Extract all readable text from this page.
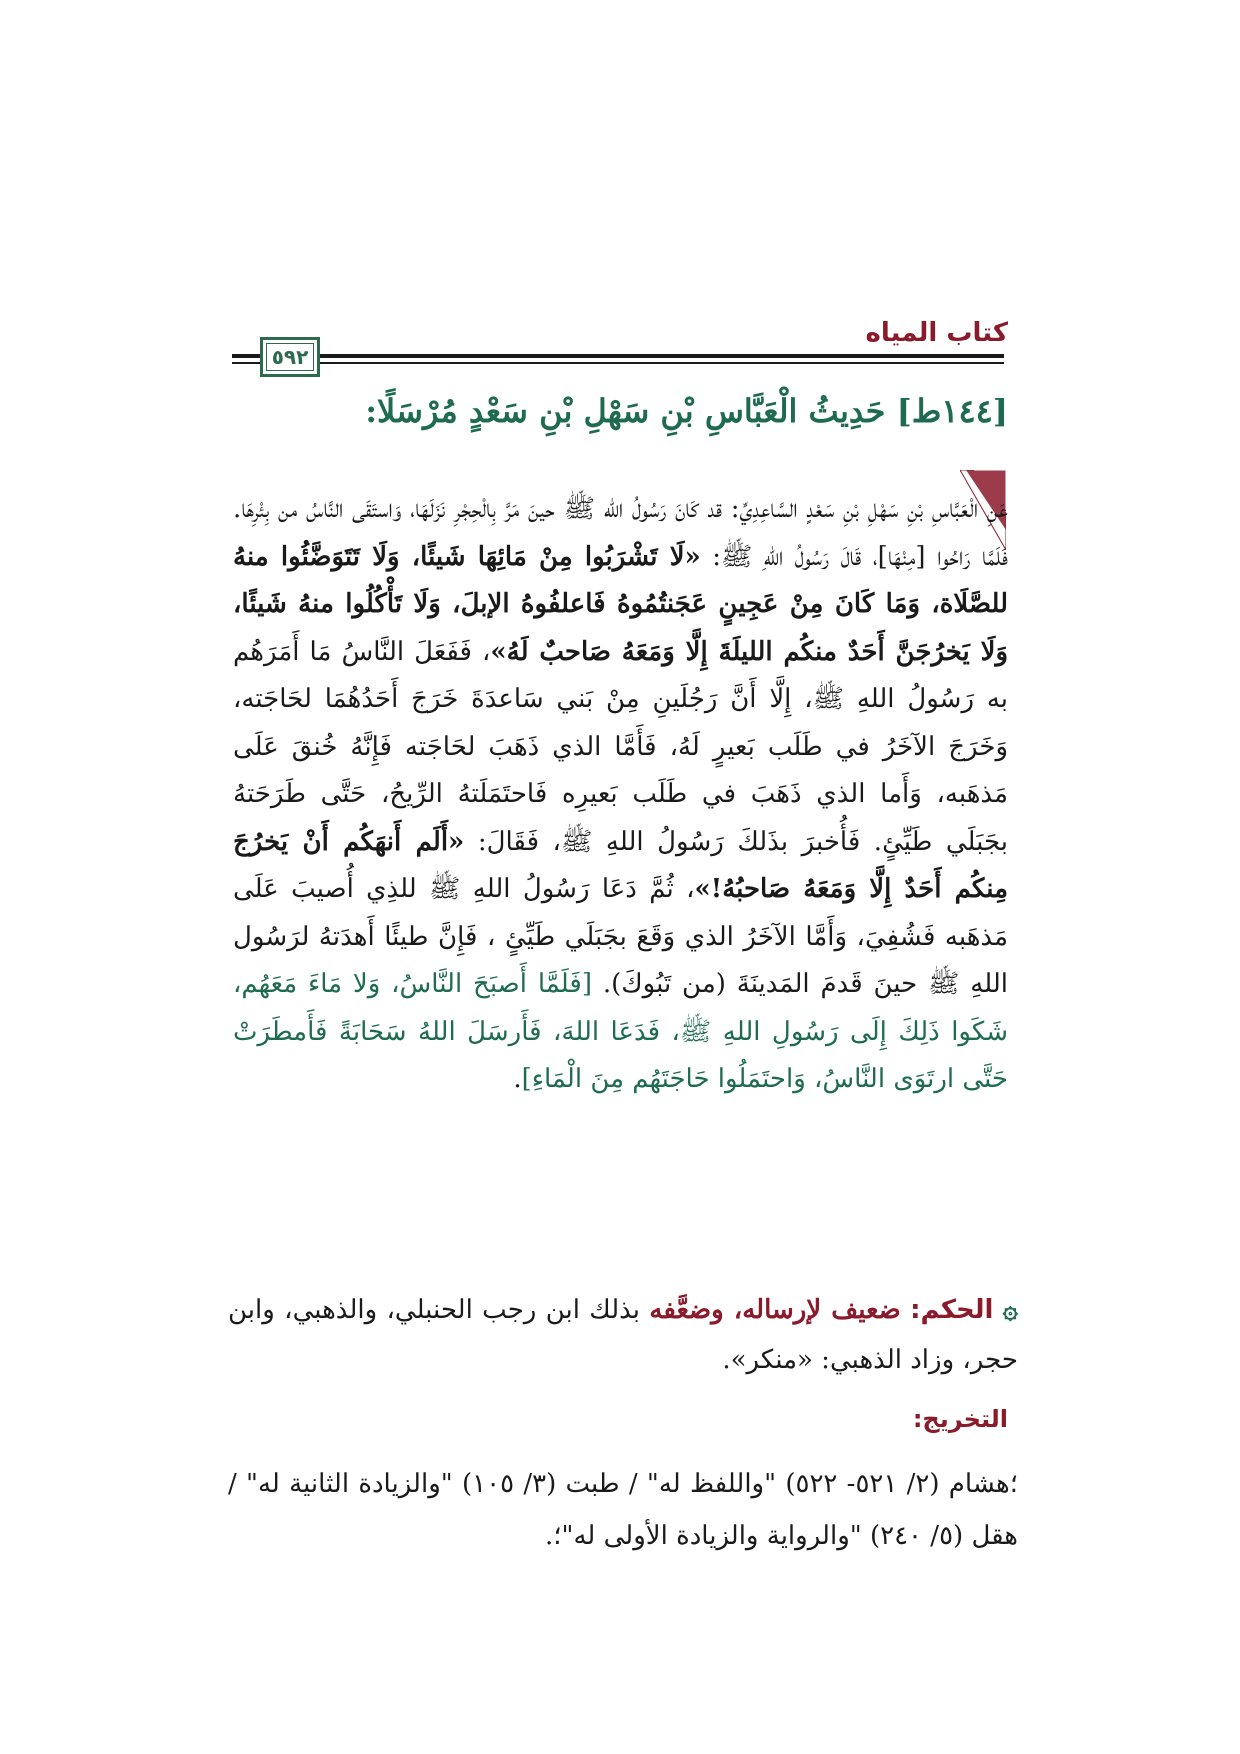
كتاب المياه
٥٩٢
[١٤٤ط] حَدِيثُ الْعَبَّاسِ بْنِ سَهْلِ بْنِ سَعْدٍ مُرْسَلًا:
عَنِ الْعَبَّاسِ بْنِ سَهْلِ بْنِ سَعْدٍ السَّاعِدِيِّ: قد كَانَ رَسُولُ الله ﷺ حينَ مَرَّ بِالْحِجْرِ نَزَلَهَا، وَاستَقَى النَّاسُ من بِئْرِهَا. فَلَمَّا رَاحُوا [مِنْهَا]، قَالَ رَسُولُ اللهِ ﷺ: «لَا تَشْرَبُوا مِنْ مَائِهَا شَيئًا، وَلَا تَتَوَضَّئُوا منهُ للصَّلَاة، وَمَا كَانَ مِنْ عَجِينٍ عَجَنتُمُوهُ فَاعلفُوهُ الإبلَ، وَلَا تَأْكُلُوا منهُ شَيئًا، وَلَا يَخرُجَنَّ أَحَدٌ منكُم الليلَةَ إِلَّا وَمَعَهُ صَاحبٌ لَهُ»، فَفَعَلَ النَّاسُ مَا أَمَرَهُم به رَسُولُ اللهِ ﷺ، إِلَّا أَنَّ رَجُلَينِ مِنْ بَني سَاعدَةَ خَرَجَ أَحَدُهُمَا لحَاجَته، وَخَرَجَ الآخَرُ في طَلَب بَعيرٍ لَهُ، فَأَمَّا الذي ذَهَبَ لحَاجَته فَإِنَّهُ خُنقَ عَلَى مَذهَبه، وَأَما الذي ذَهَبَ في طَلَب بَعيرِه فَاحتَمَلَتهُ الرِّيحُ، حَتَّى طَرَحَتهُ بجَبَلَي طَيِّئٍ. فَأُخبرَ بذَلكَ رَسُولُ اللهِ ﷺ، فَقَالَ: «أَلَم أَنهَكُم أَنْ يَخرُجَ مِنكُم أَحَدٌ إِلَّا وَمَعَهُ صَاحبُهُ!»، ثُمَّ دَعَا رَسُولُ اللهِ ﷺ للذِي أُصيبَ عَلَى مَذهَبه فَشُفِيَ، وَأَمَّا الآخَرُ الذي وَقَعَ بجَبَلَي طَيِّئٍ ، فَإِنَّ طيئًا أَهدَتهُ لرَسُول اللهِ ﷺ حينَ قَدمَ المَدينَةَ (من تَبُوكَ). [فَلَمَّا أَصبَحَ النَّاسُ، وَلا مَاءَ مَعَهُم، شَكَوا ذَلِكَ إِلَى رَسُولِ اللهِ ﷺ، فَدَعَا اللهَ، فَأَرسَلَ اللهُ سَحَابَةً فَأَمطَرَتْ حَتَّى ارتَوَى النَّاسُ، وَاحتَمَلُوا حَاجَتَهُم مِنَ الْمَاءِ].
۞ الحكم: ضعيف لإرساله، وضعَّفه بذلك ابن رجب الحنبلي، والذهبي، وابن حجر، وزاد الذهبي: «منكر».
التخريج:
؛هشام (٢/ ٥٢١- ٥٢٢) "واللفظ له" / طبت (٣/ ١٠٥) "والزيادة الثانية له" / هقل (٥/ ٢٤٠) "والرواية والزيادة الأولى له"؛.
